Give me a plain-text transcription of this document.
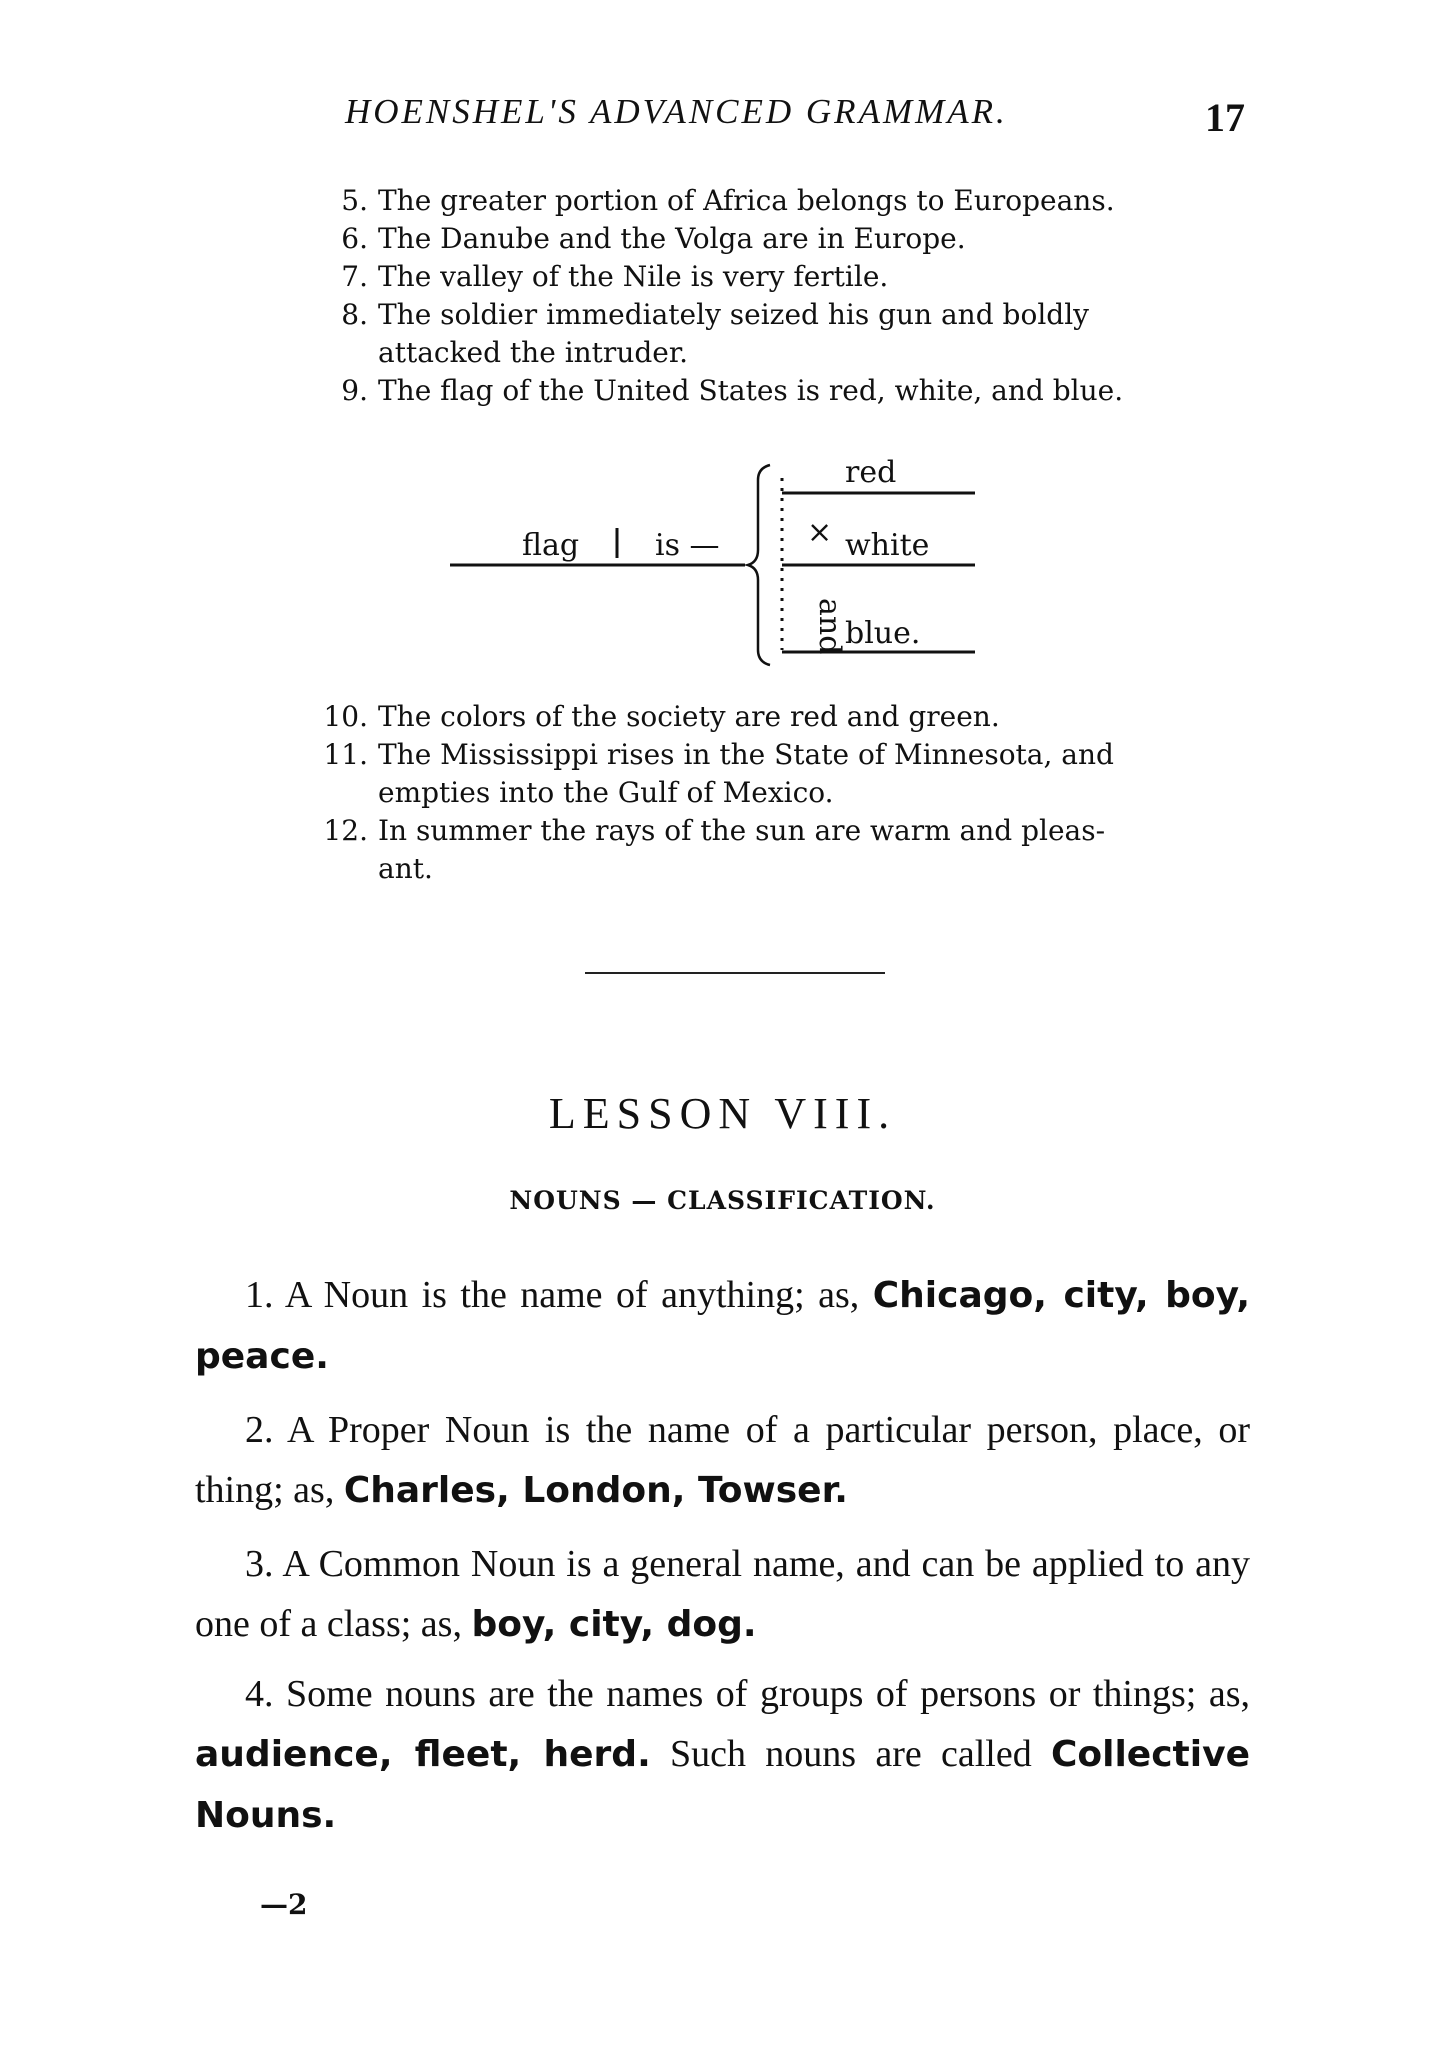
HOENSHEL'S ADVANCED GRAMMAR.	17
5. The greater portion of Africa belongs to Europeans.
6. The Danube and the Volga are in Europe.
7. The valley of the Nile is very fertile.
8. The soldier immediately seized his gun and boldly
attacked the intruder.
9. The flag of the United States is red, white, and blue.
flag	is —
red
× white
and
blue.
10. The colors of the society are red and green.
11. The Mississippi rises in the State of Minnesota, and
empties into the Gulf of Mexico.
12. In summer the rays of the sun are warm and pleas-
ant.
LESSON VIII.
NOUNS — CLASSIFICATION.
1. A Noun is the name of anything; as, Chicago, city, boy, peace.
2. A Proper Noun is the name of a particular person, place, or thing; as, Charles, London, Towser.
3. A Common Noun is a general name, and can be applied to any one of a class; as, boy, city, dog.
4. Some nouns are the names of groups of persons or things; as, audience, fleet, herd. Such nouns are called Collective Nouns.
—2
